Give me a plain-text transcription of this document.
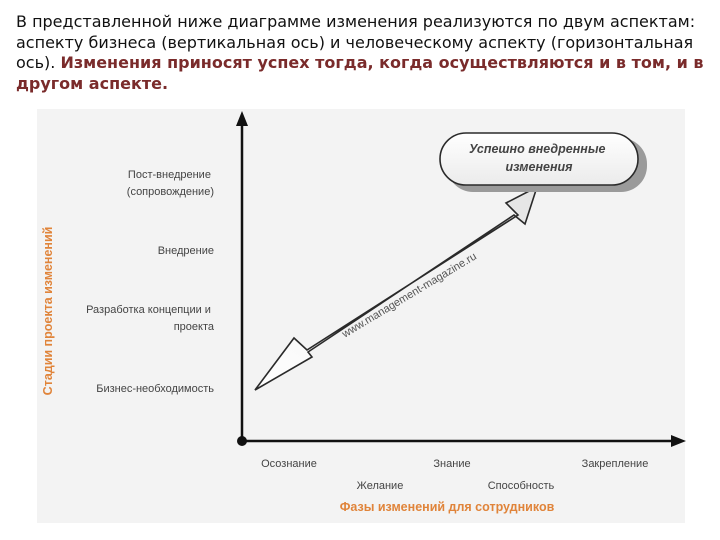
В представленной ниже диаграмме изменения реализуются по двум аспектам: аспекту бизнеса (вертикальная ось) и человеческому аспекту (горизонтальная ось). Изменения приносят успех тогда, когда осуществляются и в том, и в другом аспекте.
Стадии проекта изменений
Пост-внедрение (сопровождение)
Внедрение
Разработка концепции и проекта
Бизнес-необходимость
www.management-magazine.ru
Успешно внедренные изменения
Осознание	Знание	Закрепление
Желание	Способность
Фазы изменений для сотрудников
